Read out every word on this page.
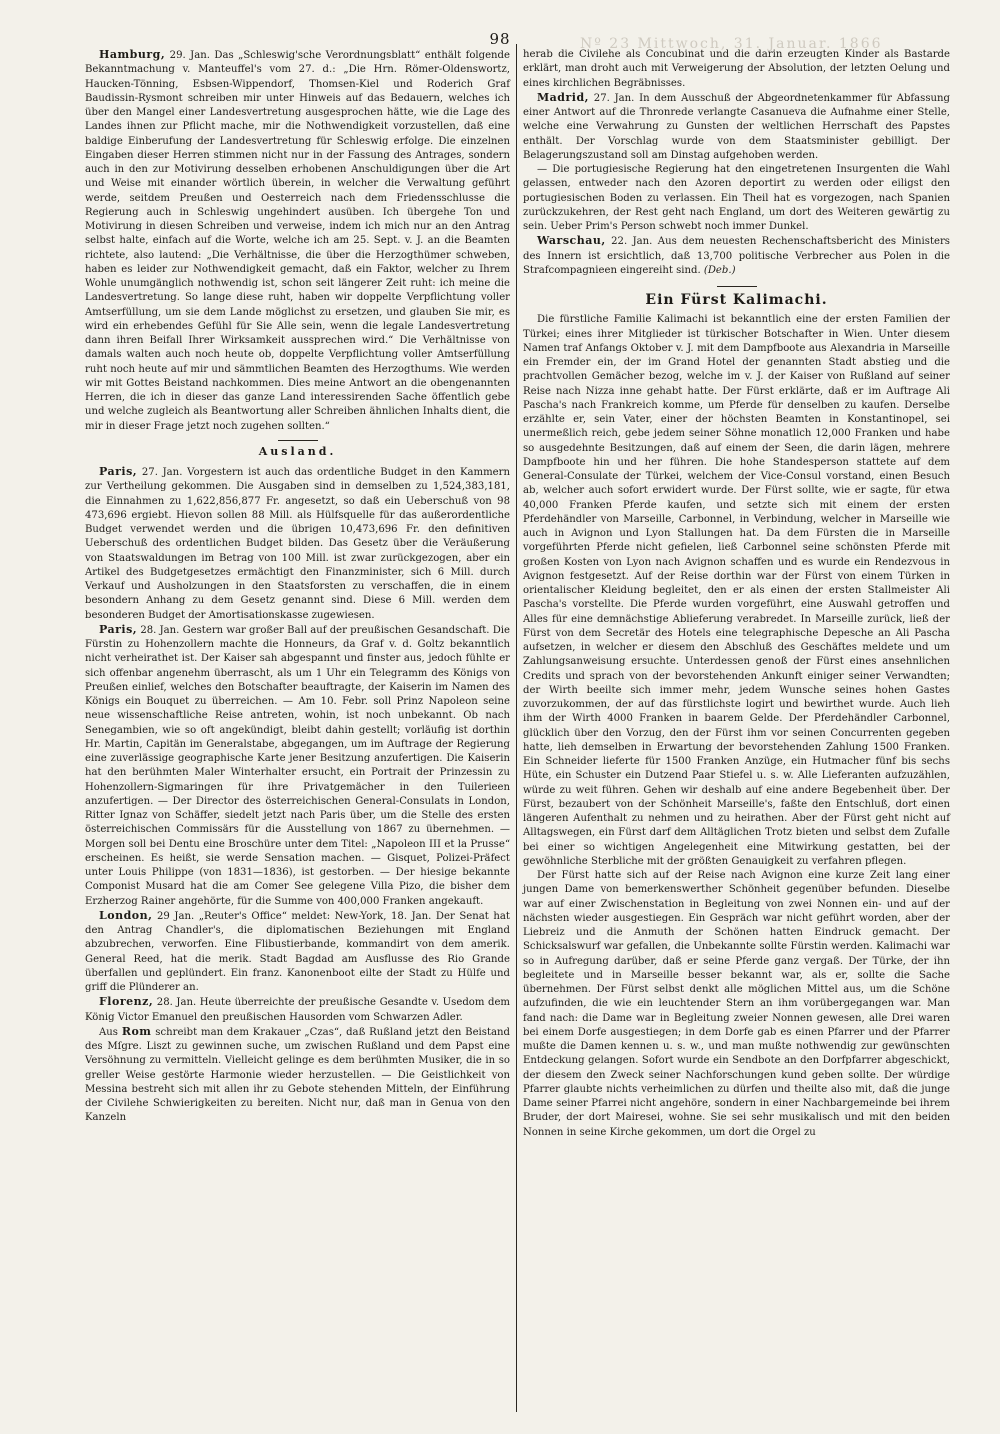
98	Nº 23 Mittwoch, 31. Januar. 1866

Hamburg, 29. Jan. Das „Schleswig'sche Verordnungsblatt“ enthält folgende Bekanntmachung v. Manteuffel's vom 27. d.: „Die Hrn. Römer-Oldenswortz, Haucken-Tönning, Esbsen-Wippendorf, Thomsen-Kiel und Roderich Graf Baudissin-Rysmont schreiben mir unter Hinweis auf das Bedauern, welches ich über den Mangel einer Landesvertretung ausgesprochen hätte, wie die Lage des Landes ihnen zur Pflicht mache, mir die Nothwendigkeit vorzustellen, daß eine baldige Einberufung der Landesvertretung für Schleswig erfolge. Die einzelnen Eingaben dieser Herren stimmen nicht nur in der Fassung des Antrages, sondern auch in den zur Motivirung desselben erhobenen Anschuldigungen über die Art und Weise mit einander wörtlich überein, in welcher die Verwaltung geführt werde, seitdem Preußen und Oesterreich nach dem Friedensschlusse die Regierung auch in Schleswig ungehindert ausüben. Ich übergehe Ton und Motivirung in diesen Schreiben und verweise, indem ich mich nur an den Antrag selbst halte, einfach auf die Worte, welche ich am 25. Sept. v. J. an die Beamten richtete, also lautend: „Die Verhältnisse, die über die Herzogthümer schweben, haben es leider zur Nothwendigkeit gemacht, daß ein Faktor, welcher zu Ihrem Wohle unumgänglich nothwendig ist, schon seit längerer Zeit ruht: ich meine die Landesvertretung. So lange diese ruht, haben wir doppelte Verpflichtung voller Amtserfüllung, um sie dem Lande möglichst zu ersetzen, und glauben Sie mir, es wird ein erhebendes Gefühl für Sie Alle sein, wenn die legale Landesvertretung dann ihren Beifall Ihrer Wirksamkeit aussprechen wird.“ Die Verhältnisse von damals walten auch noch heute ob, doppelte Verpflichtung voller Amtserfüllung ruht noch heute auf mir und sämmtlichen Beamten des Herzogthums. Wie werden wir mit Gottes Beistand nachkommen. Dies meine Antwort an die obengenannten Herren, die ich in dieser das ganze Land interessirenden Sache öffentlich gebe und welche zugleich als Beantwortung aller Schreiben ähnlichen Inhalts dient, die mir in dieser Frage jetzt noch zugehen sollten.“

Ausland.

Paris, 27. Jan. Vorgestern ist auch das ordentliche Budget in den Kammern zur Vertheilung gekommen. Die Ausgaben sind in demselben zu 1,524,383,181, die Einnahmen zu 1,622,856,877 Fr. angesetzt, so daß ein Ueberschuß von 98 473,696 ergiebt. Hievon sollen 88 Mill. als Hülfsquelle für das außerordentliche Budget verwendet werden und die übrigen 10,473,696 Fr. den definitiven Ueberschuß des ordentlichen Budget bilden. Das Gesetz über die Veräußerung von Staatswaldungen im Betrag von 100 Mill. ist zwar zurückgezogen, aber ein Artikel des Budgetgesetzes ermächtigt den Finanzminister, sich 6 Mill. durch Verkauf und Ausholzungen in den Staatsforsten zu verschaffen, die in einem besondern Anhang zu dem Gesetz genannt sind. Diese 6 Mill. werden dem besonderen Budget der Amortisationskasse zugewiesen.

Paris, 28. Jan. Gestern war großer Ball auf der preußischen Gesandschaft. Die Fürstin zu Hohenzollern machte die Honneurs, da Graf v. d. Goltz bekanntlich nicht verheirathet ist. Der Kaiser sah abgespannt und finster aus, jedoch fühlte er sich offenbar angenehm überrascht, als um 1 Uhr ein Telegramm des Königs von Preußen einlief, welches den Botschafter beauftragte, der Kaiserin im Namen des Königs ein Bouquet zu überreichen. — Am 10. Febr. soll Prinz Napoleon seine neue wissenschaftliche Reise antreten, wohin, ist noch unbekannt. Ob nach Senegambien, wie so oft angekündigt, bleibt dahin gestellt; vorläufig ist dorthin Hr. Martin, Capitän im Generalstabe, abgegangen, um im Auftrage der Regierung eine zuverlässige geographische Karte jener Besitzung anzufertigen. Die Kaiserin hat den berühmten Maler Winterhalter ersucht, ein Portrait der Prinzessin zu Hohenzollern-Sigmaringen für ihre Privatgemächer in den Tuilerieen anzufertigen. — Der Director des österreichischen General-Consulats in London, Ritter Ignaz von Schäffer, siedelt jetzt nach Paris über, um die Stelle des ersten österreichischen Commissärs für die Ausstellung von 1867 zu übernehmen. — Morgen soll bei Dentu eine Broschüre unter dem Titel: „Napoleon III et la Prusse“ erscheinen. Es heißt, sie werde Sensation machen. — Gisquet, Polizei-Präfect unter Louis Philippe (von 1831—1836), ist gestorben. — Der hiesige bekannte Componist Musard hat die am Comer See gelegene Villa Pizo, die bisher dem Erzherzog Rainer angehörte, für die Summe von 400,000 Franken angekauft.

London, 29 Jan. „Reuter's Office“ meldet: New-York, 18. Jan. Der Senat hat den Antrag Chandler's, die diplomatischen Beziehungen mit England abzubrechen, verworfen. Eine Flibustierbande, kommandirt von dem amerik. General Reed, hat die merik. Stadt Bagdad am Ausflusse des Rio Grande überfallen und geplündert. Ein franz. Kanonenboot eilte der Stadt zu Hülfe und griff die Plünderer an.

Florenz, 28. Jan. Heute überreichte der preußische Gesandte v. Usedom dem König Victor Emanuel den preußischen Hausorden vom Schwarzen Adler.

Aus Rom schreibt man dem Krakauer „Czas“, daß Rußland jetzt den Beistand des Mſgre. Liszt zu gewinnen suche, um zwischen Rußland und dem Papst eine Versöhnung zu vermitteln. Vielleicht gelinge es dem berühmten Musiker, die in so greller Weise gestörte Harmonie wieder herzustellen. — Die Geistlichkeit von Messina bestreht sich mit allen ihr zu Gebote stehenden Mitteln, der Einführung der Civilehe Schwierigkeiten zu bereiten. Nicht nur, daß man in Genua von den Kanzeln

herab die Civilehe als Concubinat und die darin erzeugten Kinder als Bastarde erklärt, man droht auch mit Verweigerung der Absolution, der letzten Oelung und eines kirchlichen Begräbnisses.

Madrid, 27. Jan. In dem Ausschuß der Abgeordnetenkammer für Abfassung einer Antwort auf die Thronrede verlangte Casanueva die Aufnahme einer Stelle, welche eine Verwahrung zu Gunsten der weltlichen Herrschaft des Papstes enthält. Der Vorschlag wurde von dem Staatsminister gebilligt. Der Belagerungszustand soll am Dinstag aufgehoben werden.

— Die portugiesische Regierung hat den eingetretenen Insurgenten die Wahl gelassen, entweder nach den Azoren deportirt zu werden oder eiligst den portugiesischen Boden zu verlassen. Ein Theil hat es vorgezogen, nach Spanien zurückzukehren, der Rest geht nach England, um dort des Weiteren gewärtig zu sein. Ueber Prim's Person schwebt noch immer Dunkel.

Warschau, 22. Jan. Aus dem neuesten Rechenschaftsbericht des Ministers des Innern ist ersichtlich, daß 13,700 politische Verbrecher aus Polen in die Strafcompagnieen eingereiht sind. (Deb.)

Ein Fürst Kalimachi.

Die fürstliche Familie Kalimachi ist bekanntlich eine der ersten Familien der Türkei; eines ihrer Mitglieder ist türkischer Botschafter in Wien. Unter diesem Namen traf Anfangs Oktober v. J. mit dem Dampfboote aus Alexandria in Marseille ein Fremder ein, der im Grand Hotel der genannten Stadt abstieg und die prachtvollen Gemächer bezog, welche im v. J. der Kaiser von Rußland auf seiner Reise nach Nizza inne gehabt hatte. Der Fürst erklärte, daß er im Auftrage Ali Pascha's nach Frankreich komme, um Pferde für denselben zu kaufen. Derselbe erzählte er, sein Vater, einer der höchsten Beamten in Konstantinopel, sei unermeßlich reich, gebe jedem seiner Söhne monatlich 12,000 Franken und habe so ausgedehnte Besitzungen, daß auf einem der Seen, die darin lägen, mehrere Dampfboote hin und her führen. Die hohe Standesperson stattete auf dem General-Consulate der Türkei, welchem der Vice-Consul vorstand, einen Besuch ab, welcher auch sofort erwidert wurde. Der Fürst sollte, wie er sagte, für etwa 40,000 Franken Pferde kaufen, und setzte sich mit einem der ersten Pferdehändler von Marseille, Carbonnel, in Verbindung, welcher in Marseille wie auch in Avignon und Lyon Stallungen hat. Da dem Fürsten die in Marseille vorgeführten Pferde nicht gefielen, ließ Carbonnel seine schönsten Pferde mit großen Kosten von Lyon nach Avignon schaffen und es wurde ein Rendezvous in Avignon festgesetzt. Auf der Reise dorthin war der Fürst von einem Türken in orientalischer Kleidung begleitet, den er als einen der ersten Stallmeister Ali Pascha's vorstellte. Die Pferde wurden vorgeführt, eine Auswahl getroffen und Alles für eine demnächstige Ablieferung verabredet. In Marseille zurück, ließ der Fürst von dem Secretär des Hotels eine telegraphische Depesche an Ali Pascha aufsetzen, in welcher er diesem den Abschluß des Geschäftes meldete und um Zahlungsanweisung ersuchte. Unterdessen genoß der Fürst eines ansehnlichen Credits und sprach von der bevorstehenden Ankunft einiger seiner Verwandten; der Wirth beeilte sich immer mehr, jedem Wunsche seines hohen Gastes zuvorzukommen, der auf das fürstlichste logirt und bewirthet wurde. Auch lieh ihm der Wirth 4000 Franken in baarem Gelde. Der Pferdehändler Carbonnel, glücklich über den Vorzug, den der Fürst ihm vor seinen Concurrenten gegeben hatte, lieh demselben in Erwartung der bevorstehenden Zahlung 1500 Franken. Ein Schneider lieferte für 1500 Franken Anzüge, ein Hutmacher fünf bis sechs Hüte, ein Schuster ein Dutzend Paar Stiefel u. s. w. Alle Lieferanten aufzuzählen, würde zu weit führen. Gehen wir deshalb auf eine andere Begebenheit über. Der Fürst, bezaubert von der Schönheit Marseille's, faßte den Entschluß, dort einen längeren Aufenthalt zu nehmen und zu heirathen. Aber der Fürst geht nicht auf Alltagswegen, ein Fürst darf dem Alltäglichen Trotz bieten und selbst dem Zufalle bei einer so wichtigen Angelegenheit eine Mitwirkung gestatten, bei der gewöhnliche Sterbliche mit der größten Genauigkeit zu verfahren pflegen.

Der Fürst hatte sich auf der Reise nach Avignon eine kurze Zeit lang einer jungen Dame von bemerkenswerther Schönheit gegenüber befunden. Dieselbe war auf einer Zwischenstation in Begleitung von zwei Nonnen ein- und auf der nächsten wieder ausgestiegen. Ein Gespräch war nicht geführt worden, aber der Liebreiz und die Anmuth der Schönen hatten Eindruck gemacht. Der Schicksalswurf war gefallen, die Unbekannte sollte Fürstin werden. Kalimachi war so in Aufregung darüber, daß er seine Pferde ganz vergaß. Der Türke, der ihn begleitete und in Marseille besser bekannt war, als er, sollte die Sache übernehmen. Der Fürst selbst denkt alle möglichen Mittel aus, um die Schöne aufzufinden, die wie ein leuchtender Stern an ihm vorübergegangen war. Man fand nach: die Dame war in Begleitung zweier Nonnen gewesen, alle Drei waren bei einem Dorfe ausgestiegen; in dem Dorfe gab es einen Pfarrer und der Pfarrer mußte die Damen kennen u. s. w., und man mußte nothwendig zur gewünschten Entdeckung gelangen. Sofort wurde ein Sendbote an den Dorfpfarrer abgeschickt, der diesem den Zweck seiner Nachforschungen kund geben sollte. Der würdige Pfarrer glaubte nichts verheimlichen zu dürfen und theilte also mit, daß die junge Dame seiner Pfarrei nicht angehöre, sondern in einer Nachbargemeinde bei ihrem Bruder, der dort Mairesei, wohne. Sie sei sehr musikalisch und mit den beiden Nonnen in seine Kirche gekommen, um dort die Orgel zu
